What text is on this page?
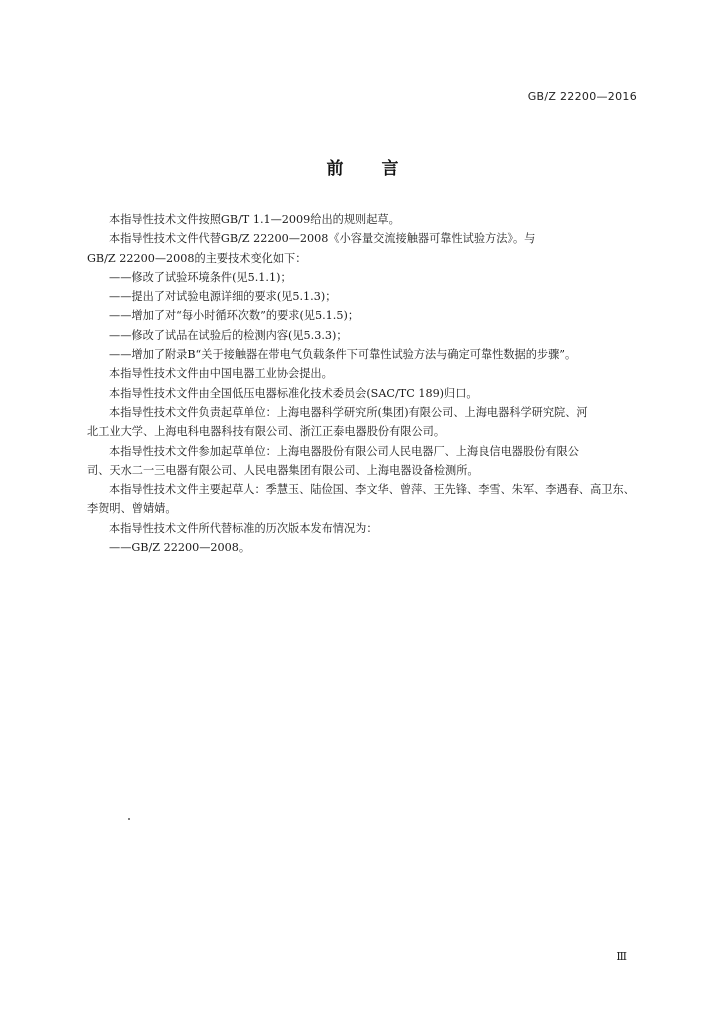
GB/Z 22200—2016
前言

本指导性技术文件按照GB/T 1.1—2009给出的规则起草。

本指导性技术文件代替GB/Z 22200—2008《小容量交流接触器可靠性试验方法》。与

GB/Z 22200—2008的主要技术变化如下：

——修改了试验环境条件(见5.1.1)；

——提出了对试验电源详细的要求(见5.1.3)；

——增加了对“每小时循环次数”的要求(见5.1.5)；

——修改了试品在试验后的检测内容(见5.3.3)；

——增加了附录B“关于接触器在带电气负载条件下可靠性试验方法与确定可靠性数据的步骤”。

本指导性技术文件由中国电器工业协会提出。

本指导性技术文件由全国低压电器标准化技术委员会(SAC/TC 189)归口。

本指导性技术文件负责起草单位：上海电器科学研究所(集团)有限公司、上海电器科学研究院、河

北工业大学、上海电科电器科技有限公司、浙江正泰电器股份有限公司。

本指导性技术文件参加起草单位：上海电器股份有限公司人民电器厂、上海良信电器股份有限公

司、天水二一三电器有限公司、人民电器集团有限公司、上海电器设备检测所。

本指导性技术文件主要起草人：季慧玉、陆俭国、李文华、曾萍、王先锋、李雪、朱军、李遇春、高卫东、

李贺明、曾婧婧。

本指导性技术文件所代替标准的历次版本发布情况为：

——GB/Z 22200—2008。

Ⅲ
